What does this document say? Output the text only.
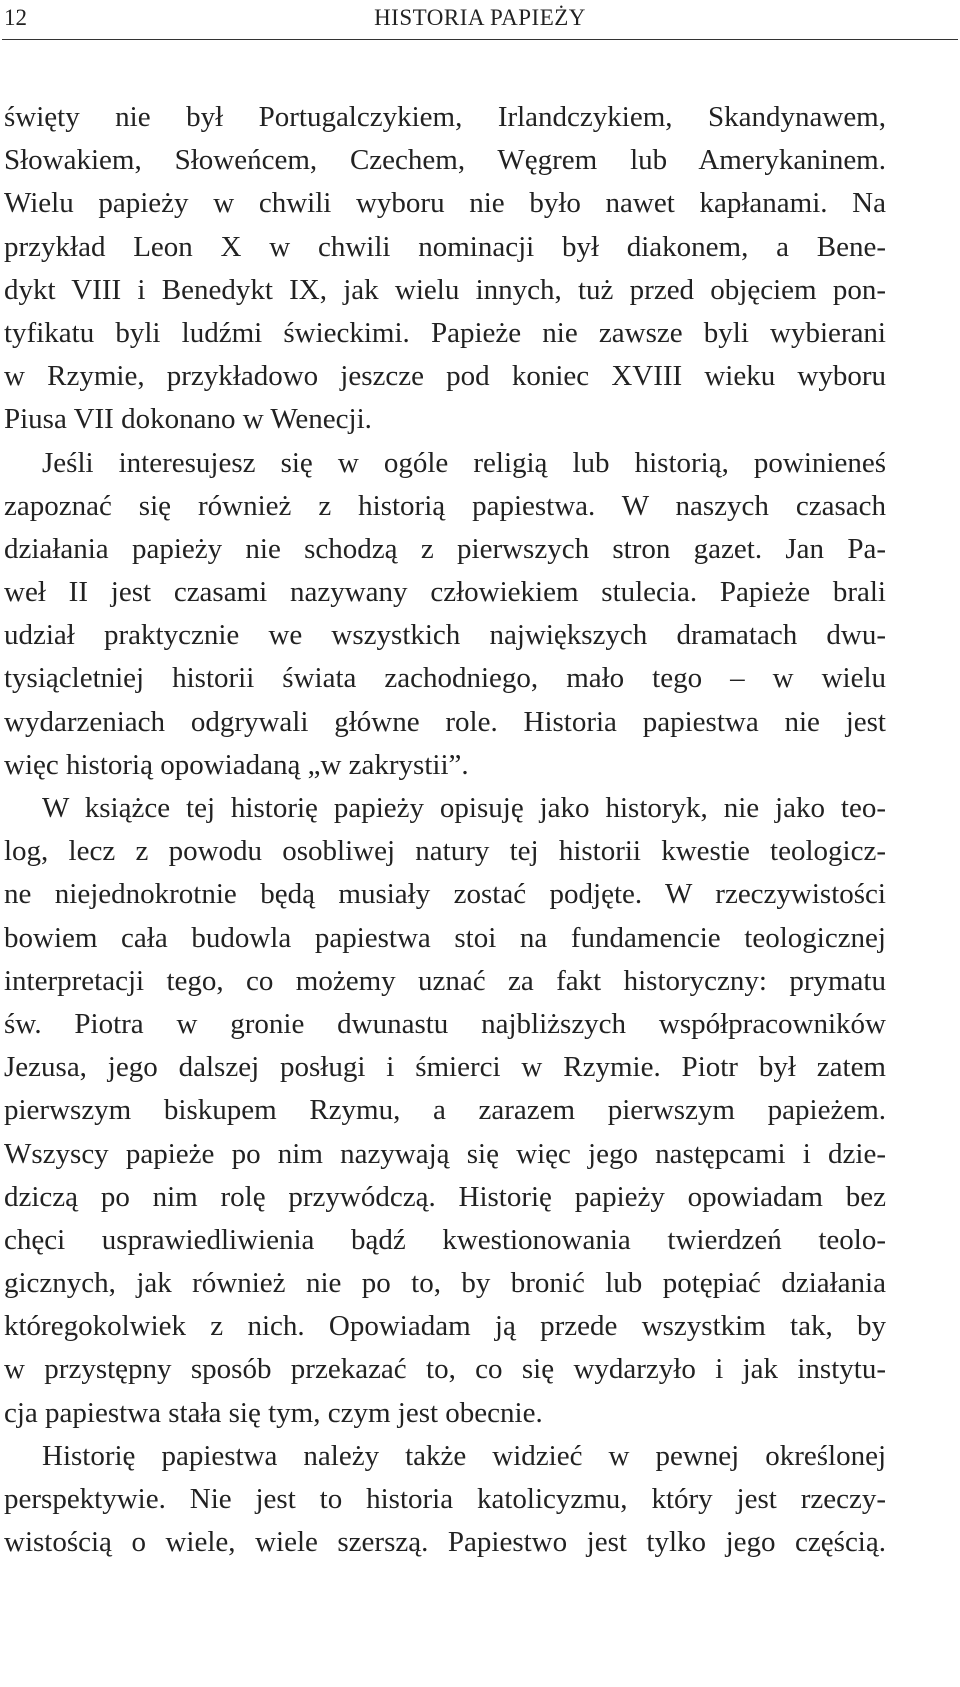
12	HISTORIA PAPIEŻY
święty nie był Portugalczykiem, Irlandczykiem, Skandynawem,
Słowakiem, Słoweńcem, Czechem, Węgrem lub Amerykaninem.
Wielu papieży w chwili wyboru nie było nawet kapłanami. Na
przykład Leon X w chwili nominacji był diakonem, a Bene-
dykt VIII i Benedykt IX, jak wielu innych, tuż przed objęciem pon-
tyfikatu byli ludźmi świeckimi. Papieże nie zawsze byli wybierani
w Rzymie, przykładowo jeszcze pod koniec XVIII wieku wyboru
Piusa VII dokonano w Wenecji.
Jeśli interesujesz się w ogóle religią lub historią, powinieneś
zapoznać się również z historią papiestwa. W naszych czasach
działania papieży nie schodzą z pierwszych stron gazet. Jan Pa-
weł II jest czasami nazywany człowiekiem stulecia. Papieże brali
udział praktycznie we wszystkich największych dramatach dwu-
tysiącletniej historii świata zachodniego, mało tego – w wielu
wydarzeniach odgrywali główne role. Historia papiestwa nie jest
więc historią opowiadaną „w zakrystii”.
W książce tej historię papieży opisuję jako historyk, nie jako teo-
log, lecz z powodu osobliwej natury tej historii kwestie teologicz-
ne niejednokrotnie będą musiały zostać podjęte. W rzeczywistości
bowiem cała budowla papiestwa stoi na fundamencie teologicznej
interpretacji tego, co możemy uznać za fakt historyczny: prymatu
św. Piotra w gronie dwunastu najbliższych współpracowników
Jezusa, jego dalszej posługi i śmierci w Rzymie. Piotr był zatem
pierwszym biskupem Rzymu, a zarazem pierwszym papieżem.
Wszyscy papieże po nim nazywają się więc jego następcami i dzie-
dziczą po nim rolę przywódczą. Historię papieży opowiadam bez
chęci usprawiedliwienia bądź kwestionowania twierdzeń teolo-
gicznych, jak również nie po to, by bronić lub potępiać działania
któregokolwiek z nich. Opowiadam ją przede wszystkim tak, by
w przystępny sposób przekazać to, co się wydarzyło i jak instytu-
cja papiestwa stała się tym, czym jest obecnie.
Historię papiestwa należy także widzieć w pewnej określonej
perspektywie. Nie jest to historia katolicyzmu, który jest rzeczy-
wistością o wiele, wiele szerszą. Papiestwo jest tylko jego częścią.
